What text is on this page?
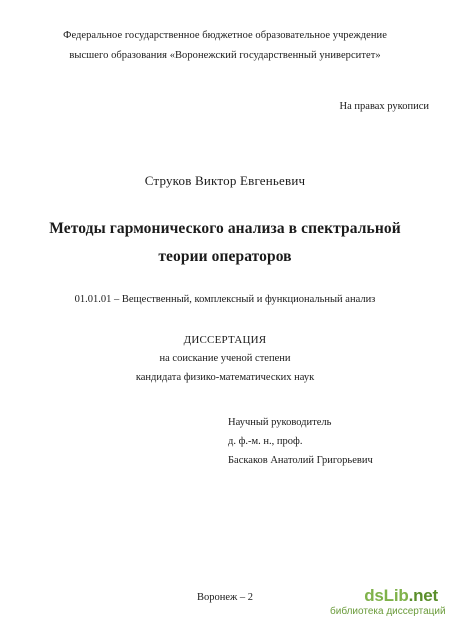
Федеральное государственное бюджетное образовательное учреждение
высшего образования «Воронежский государственный университет»
На правах рукописи
Струков Виктор Евгеньевич
Методы гармонического анализа в спектральной
теории операторов
01.01.01 – Вещественный, комплексный и функциональный анализ
ДИССЕРТАЦИЯ
на соискание ученой степени
кандидата физико-математических наук
Научный руководитель
д. ф.-м. н., проф.
Баскаков Анатолий Григорьевич
Воронеж – 2	dsLib.net
библиотека диссертаций
